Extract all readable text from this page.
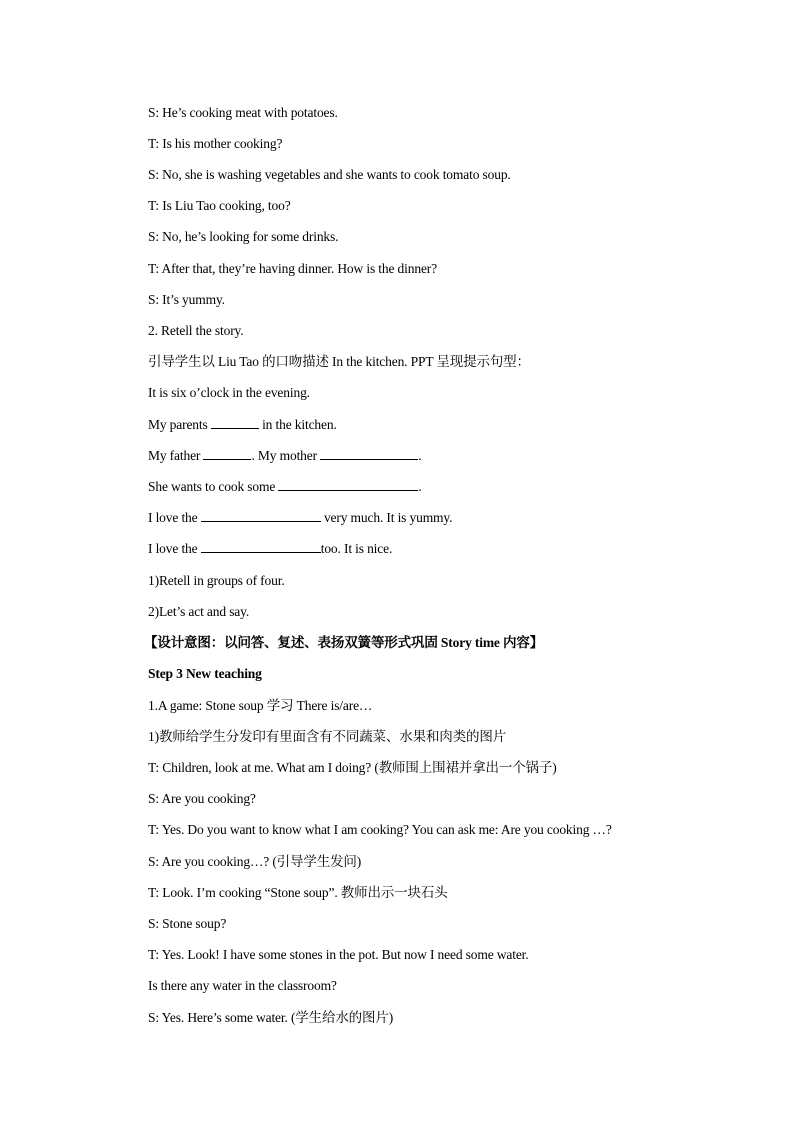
S: He’s cooking meat with potatoes.
T: Is his mother cooking?
S: No, she is washing vegetables and she wants to cook tomato soup.
T: Is Liu Tao cooking, too?
S: No, he’s looking for some drinks.
T: After that, they’re having dinner. How is the dinner?
S: It’s yummy.
2. Retell the story.
引导学生以 Liu Tao 的口吻描述 In the kitchen. PPT 呈现提示句型：
It is six o’clock in the evening.
My parents	in the kitchen.
My father	. My mother	.
She wants to cook some	.
I love the	very much. It is yummy.
I love the	too. It is nice.
1)Retell in groups of four.
2)Let’s act and say.
【设计意图：以问答、复述、表扬双簧等形式巩固 Story time 内容】
Step 3 New teaching
1.A game: Stone soup 学习 There is/are…
1)教师给学生分发印有里面含有不同蔬菜、水果和肉类的图片
T: Children, look at me. What am I doing? (教师围上围裙并拿出一个锅子)
S: Are you cooking?
T: Yes. Do you want to know what I am cooking? You can ask me: Are you cooking …?
S: Are you cooking…? (引导学生发问)
T: Look. I’m cooking “Stone soup”. 教师出示一块石头
S: Stone soup?
T: Yes. Look! I have some stones in the pot. But now I need some water.
Is there any water in the classroom?
S: Yes. Here’s some water. (学生给水的图片)
